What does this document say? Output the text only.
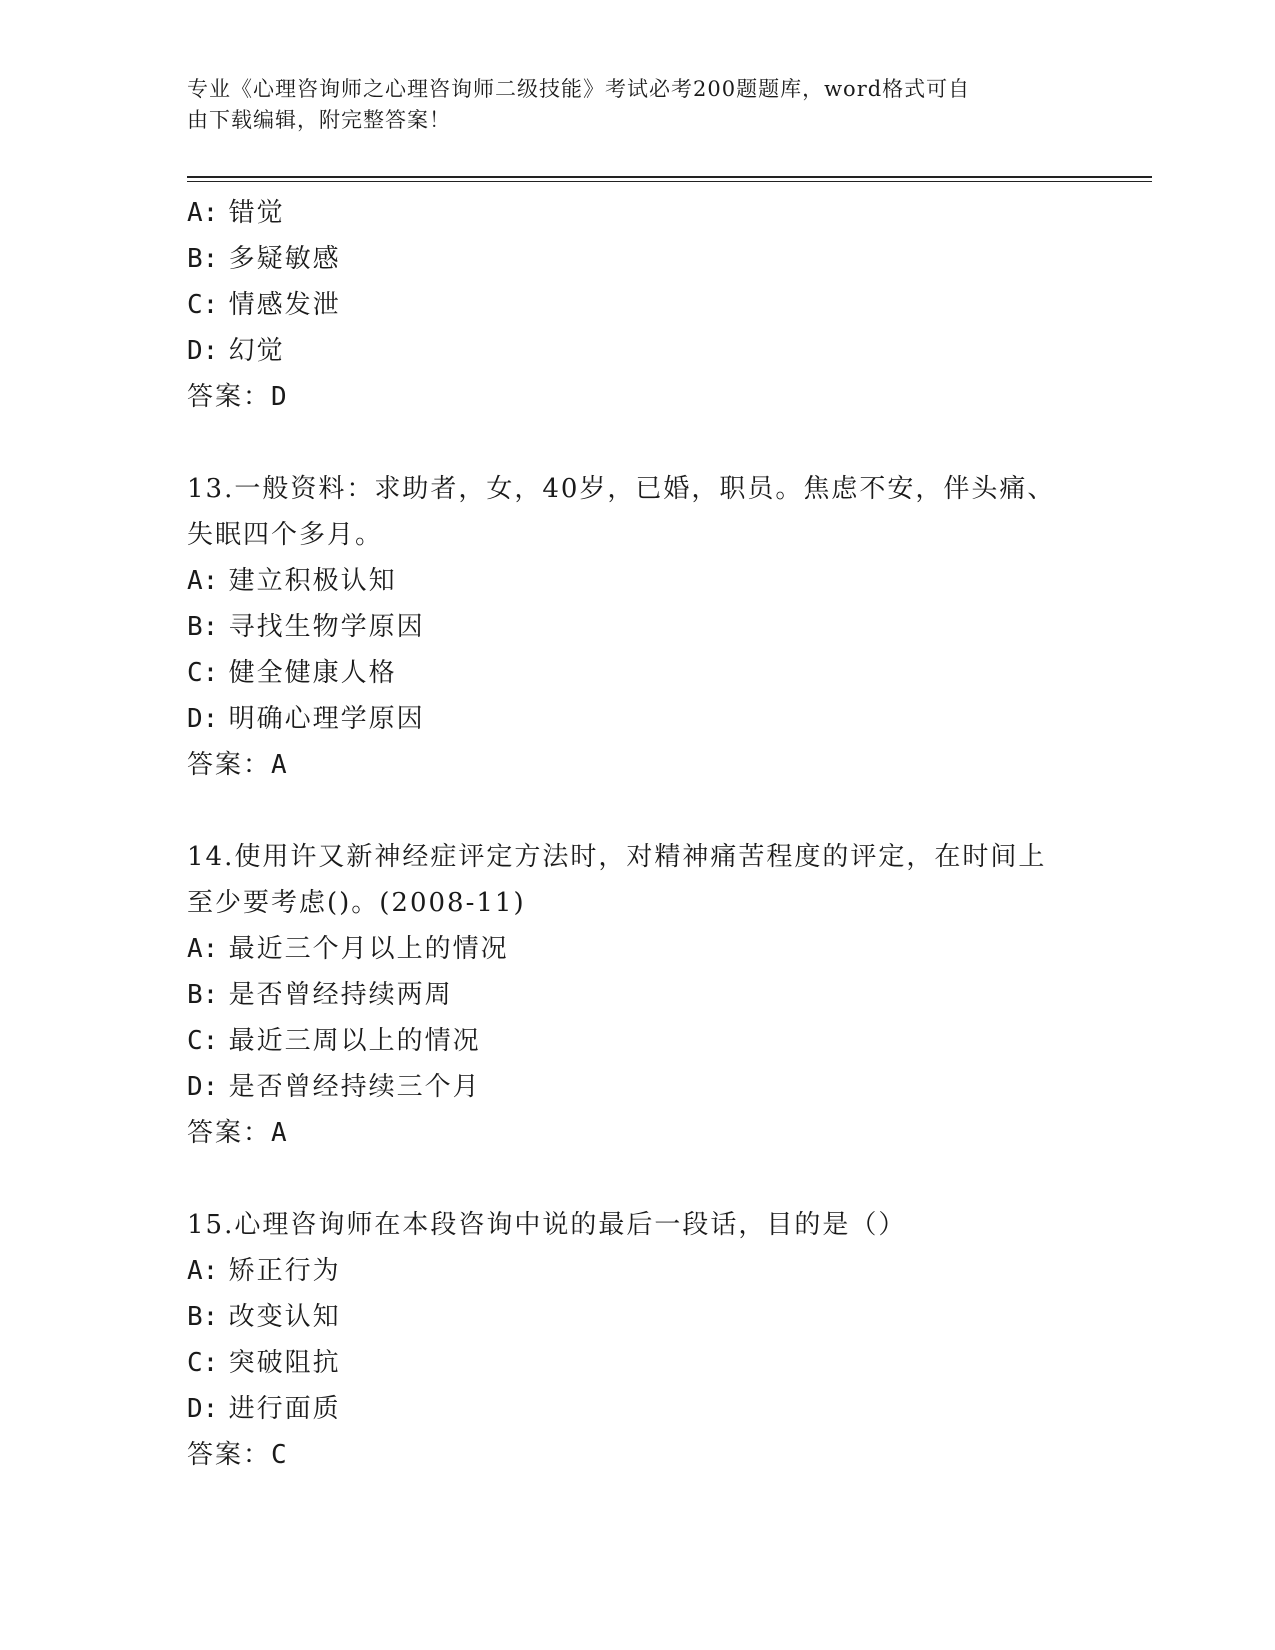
专业《心理咨询师之心理咨询师二级技能》考试必考200题题库，word格式可自
由下载编辑，附完整答案！
A: 错觉
B: 多疑敏感
C: 情感发泄
D: 幻觉
答案：D
13.一般资料：求助者，女，40岁，已婚，职员。焦虑不安，伴头痛、
失眠四个多月。
A: 建立积极认知
B: 寻找生物学原因
C: 健全健康人格
D: 明确心理学原因
答案：A
14.使用许又新神经症评定方法时，对精神痛苦程度的评定，在时间上
至少要考虑()。(2008-11)
A: 最近三个月以上的情况
B: 是否曾经持续两周
C: 最近三周以上的情况
D: 是否曾经持续三个月
答案：A
15.心理咨询师在本段咨询中说的最后一段话，目的是（）
A: 矫正行为
B: 改变认知
C: 突破阻抗
D: 进行面质
答案：C
